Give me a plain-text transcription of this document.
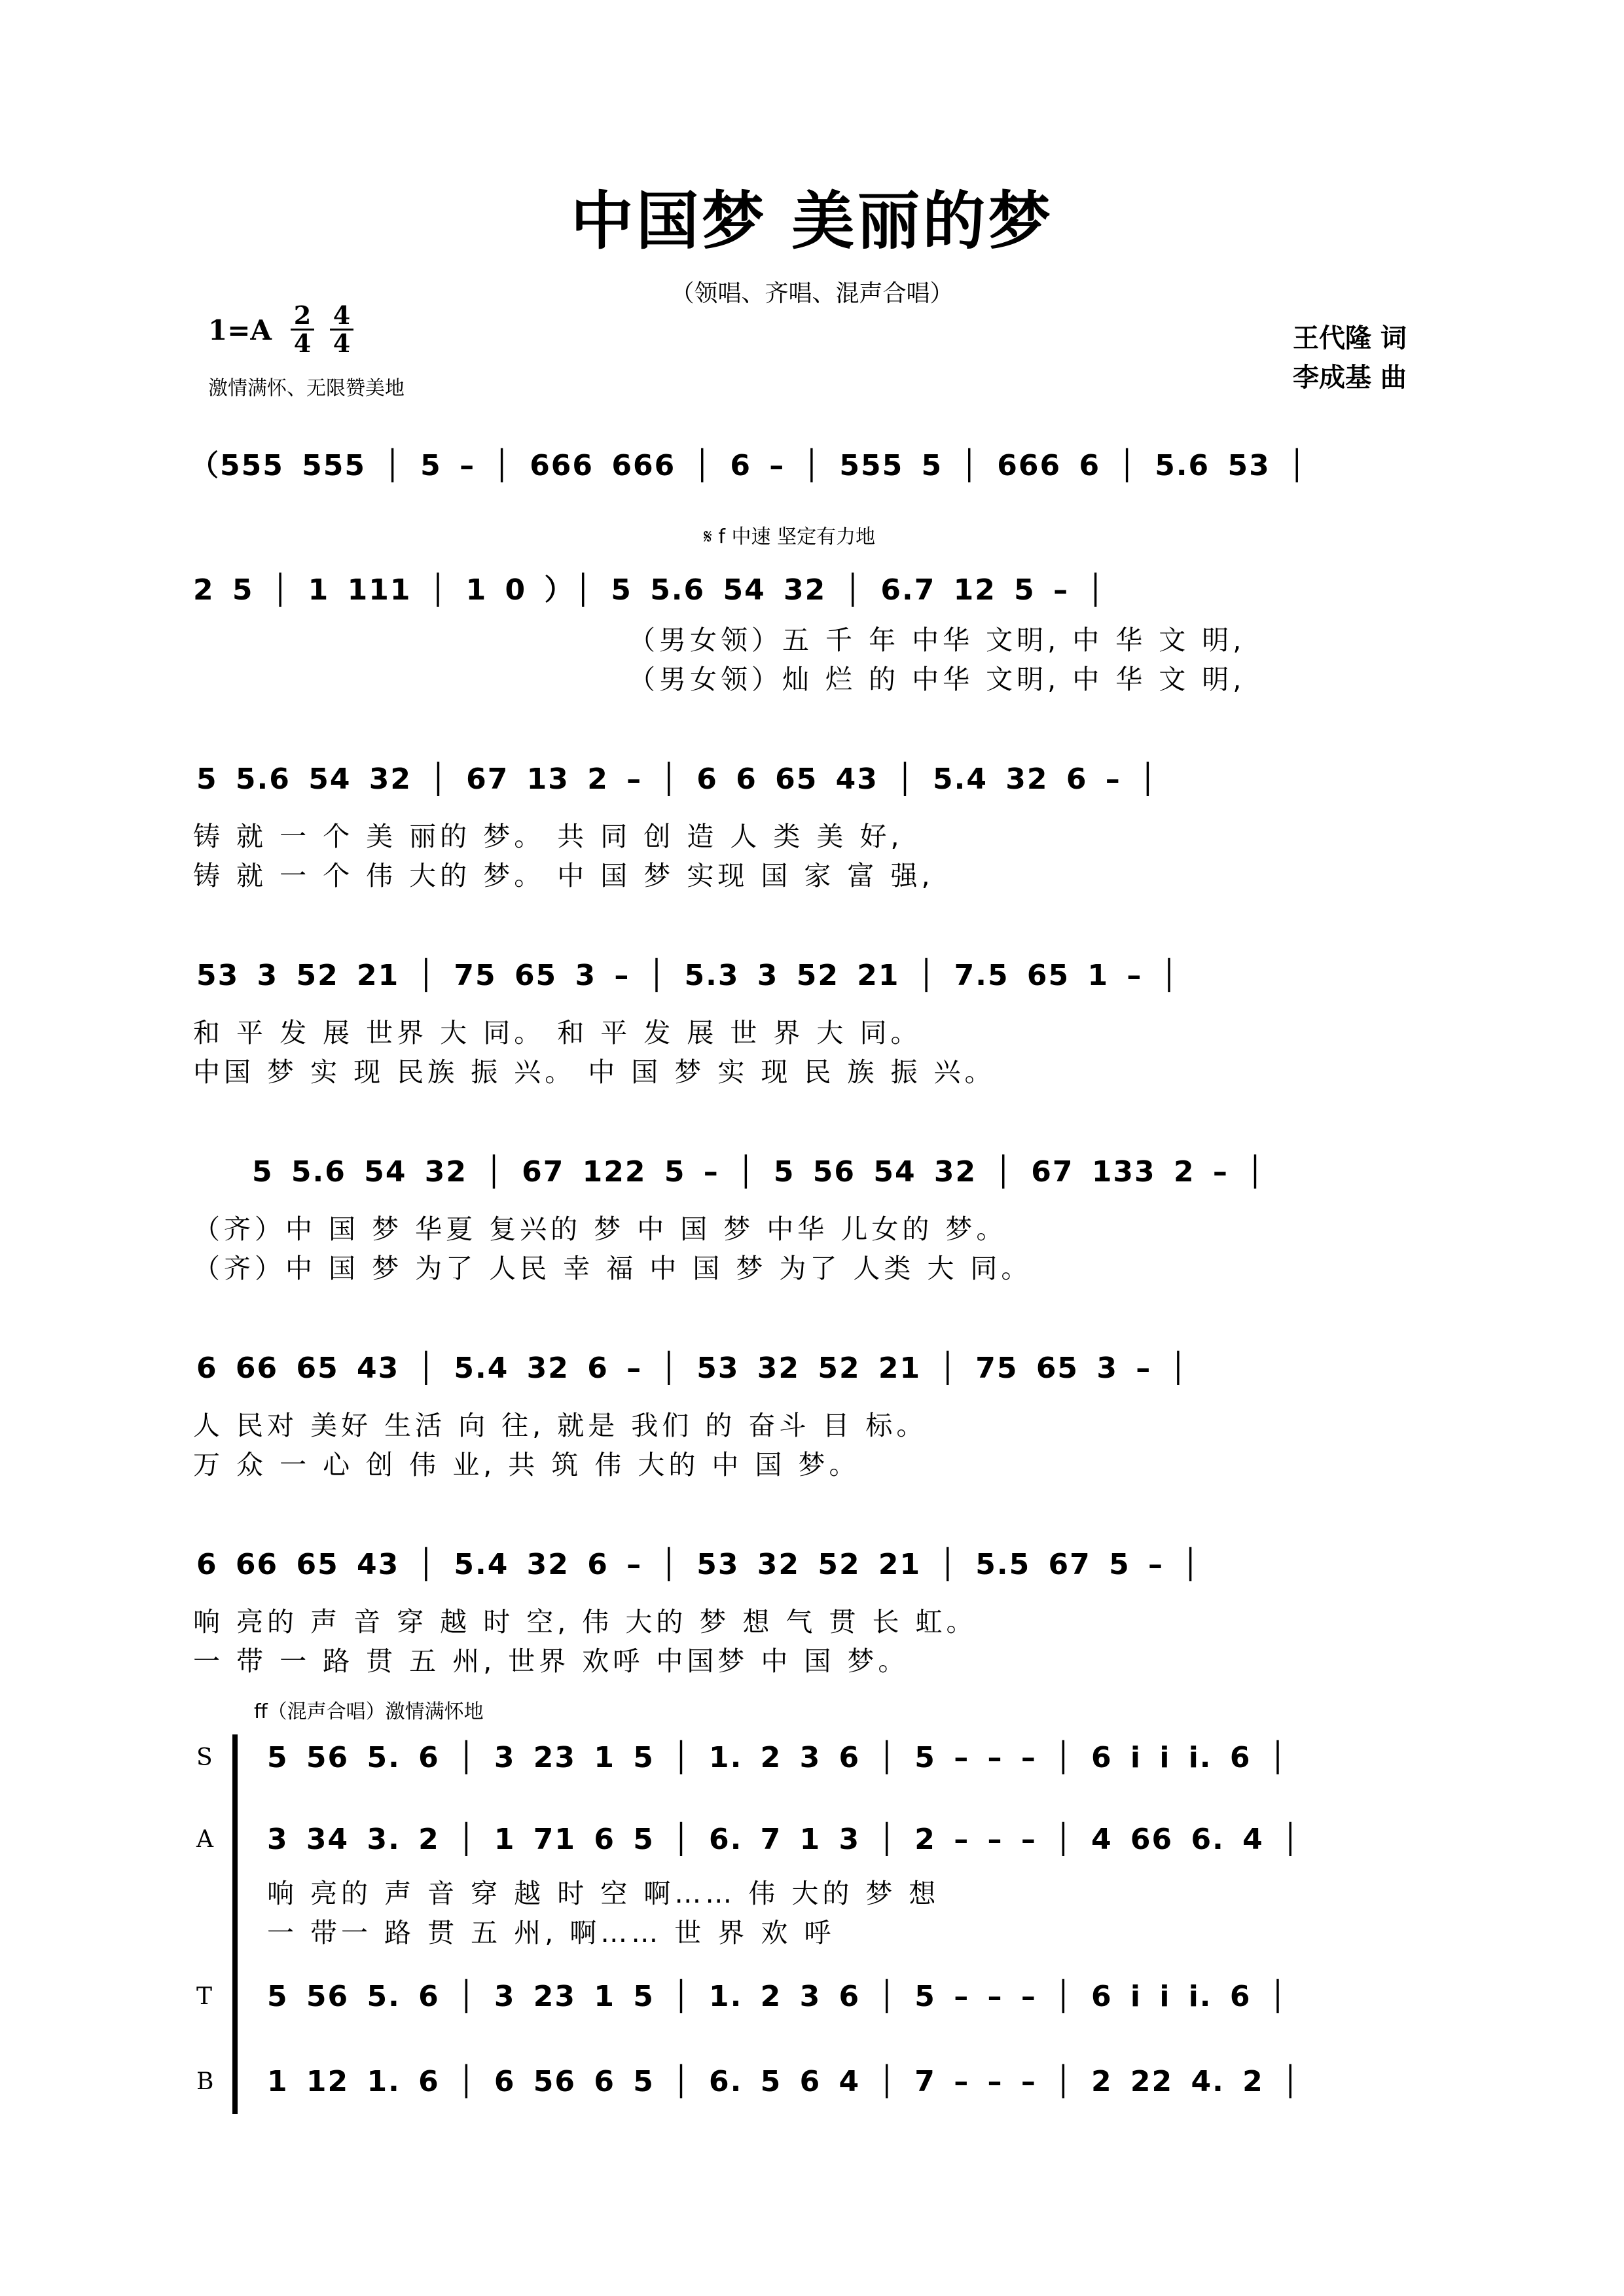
中国梦 美丽的梦
（领唱、齐唱、混声合唱）
1=A 2
4
4
4
激情满怀、无限赞美地
王代隆 词
李成基 曲
（555 555 │ 5 – │ 666 666 │ 6 – │ 555 5 │ 666 6 │ 5.6 53 │
𝄋 f 中速 坚定有力地
2 5 │ 1 111 │ 1 0 ）│ 5 5.6 54 32 │ 6.7 12 5 – │
（男女领）五 千 年 中华 文明, 中 华 文 明,
（男女领）灿 烂 的 中华 文明, 中 华 文 明,
5 5.6 54 32 │ 67 13 2 – │ 6 6 65 43 │ 5.4 32 6 – │
铸 就 一 个 美 丽的 梦。 共 同 创 造 人 类 美 好,
铸 就 一 个 伟 大的 梦。 中 国 梦 实现 国 家 富 强,
53 3 52 21 │ 75 65 3 – │ 5.3 3 52 21 │ 7.5 65 1 – │
和 平 发 展 世界 大 同。 和 平 发 展 世 界 大 同。
中国 梦 实 现 民族 振 兴。 中 国 梦 实 现 民 族 振 兴。
5 5.6 54 32 │ 67 122 5 – │ 5 56 54 32 │ 67 133 2 – │
（齐）中 国 梦 华夏 复兴的 梦 中 国 梦 中华 儿女的 梦。
（齐）中 国 梦 为了 人民 幸 福 中 国 梦 为了 人类 大 同。
6 66 65 43 │ 5.4 32 6 – │ 53 32 52 21 │ 75 65 3 – │
人 民对 美好 生活 向 往, 就是 我们 的 奋斗 目 标。
万 众 一 心 创 伟 业, 共 筑 伟 大的 中 国 梦。
6 66 65 43 │ 5.4 32 6 – │ 53 32 52 21 │ 5.5 67 5 – │
响 亮的 声 音 穿 越 时 空, 伟 大的 梦 想 气 贯 长 虹。
一 带 一 路 贯 五 州, 世界 欢呼 中国梦 中 国 梦。
ff（混声合唱）激情满怀地
S 5 56 5. 6 │ 3 23 1 5 │ 1. 2 3 6 │ 5 – – – │ 6 i i i. 6 │
A 3 34 3. 2 │ 1 71 6 5 │ 6. 7 1 3 │ 2 – – – │ 4 66 6. 4 │
响 亮的 声 音 穿 越 时 空 啊…… 伟 大的 梦 想
一 带一 路 贯 五 州, 啊…… 世 界 欢 呼
T 5 56 5. 6 │ 3 23 1 5 │ 1. 2 3 6 │ 5 – – – │ 6 i i i. 6 │
B 1 12 1. 6 │ 6 56 6 5 │ 6. 5 6 4 │ 7 – – – │ 2 22 4. 2 │
